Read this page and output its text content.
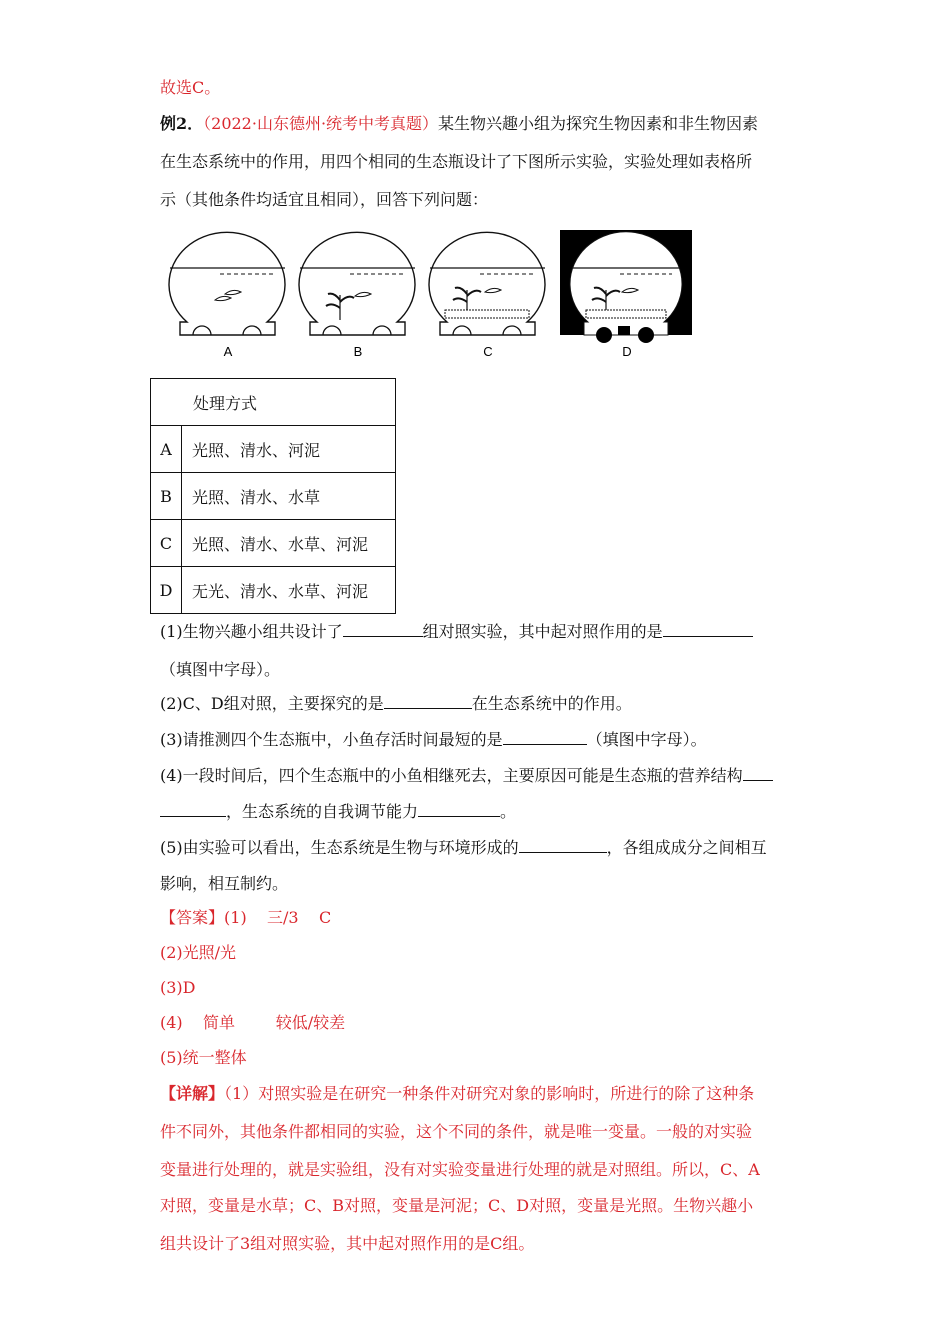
故选C。
例2．（2022·山东德州·统考中考真题）某生物兴趣小组为探究生物因素和非生物因素
在生态系统中的作用，用四个相同的生态瓶设计了下图所示实验，实验处理如表格所
示（其他条件均适宜且相同），回答下列问题：
A	B	C	D
处理方式	
A	光照、清水、河泥
B	光照、清水、水草
C	光照、清水、水草、河泥
D	无光、清水、水草、河泥
(1)生物兴趣小组共设计了	组对照实验，其中起对照作用的是
（填图中字母）。
(2)C、D组对照，主要探究的是	在生态系统中的作用。
(3)请推测四个生态瓶中，小鱼存活时间最短的是	（填图中字母）。
(4)一段时间后，四个生态瓶中的小鱼相继死去，主要原因可能是生态瓶的营养结构
，生态系统的自我调节能力	。
(5)由实验可以看出，生态系统是生物与环境形成的	，各组成成分之间相互
影响，相互制约。
【答案】(1)    三/3    C
(2)光照/光
(3)D
(4)    简单        较低/较差
(5)统一整体
【详解】（1）对照实验是在研究一种条件对研究对象的影响时，所进行的除了这种条
件不同外，其他条件都相同的实验，这个不同的条件，就是唯一变量。一般的对实验
变量进行处理的，就是实验组，没有对实验变量进行处理的就是对照组。所以，C、A
对照，变量是水草；C、B对照，变量是河泥；C、D对照，变量是光照。生物兴趣小
组共设计了3组对照实验，其中起对照作用的是C组。
